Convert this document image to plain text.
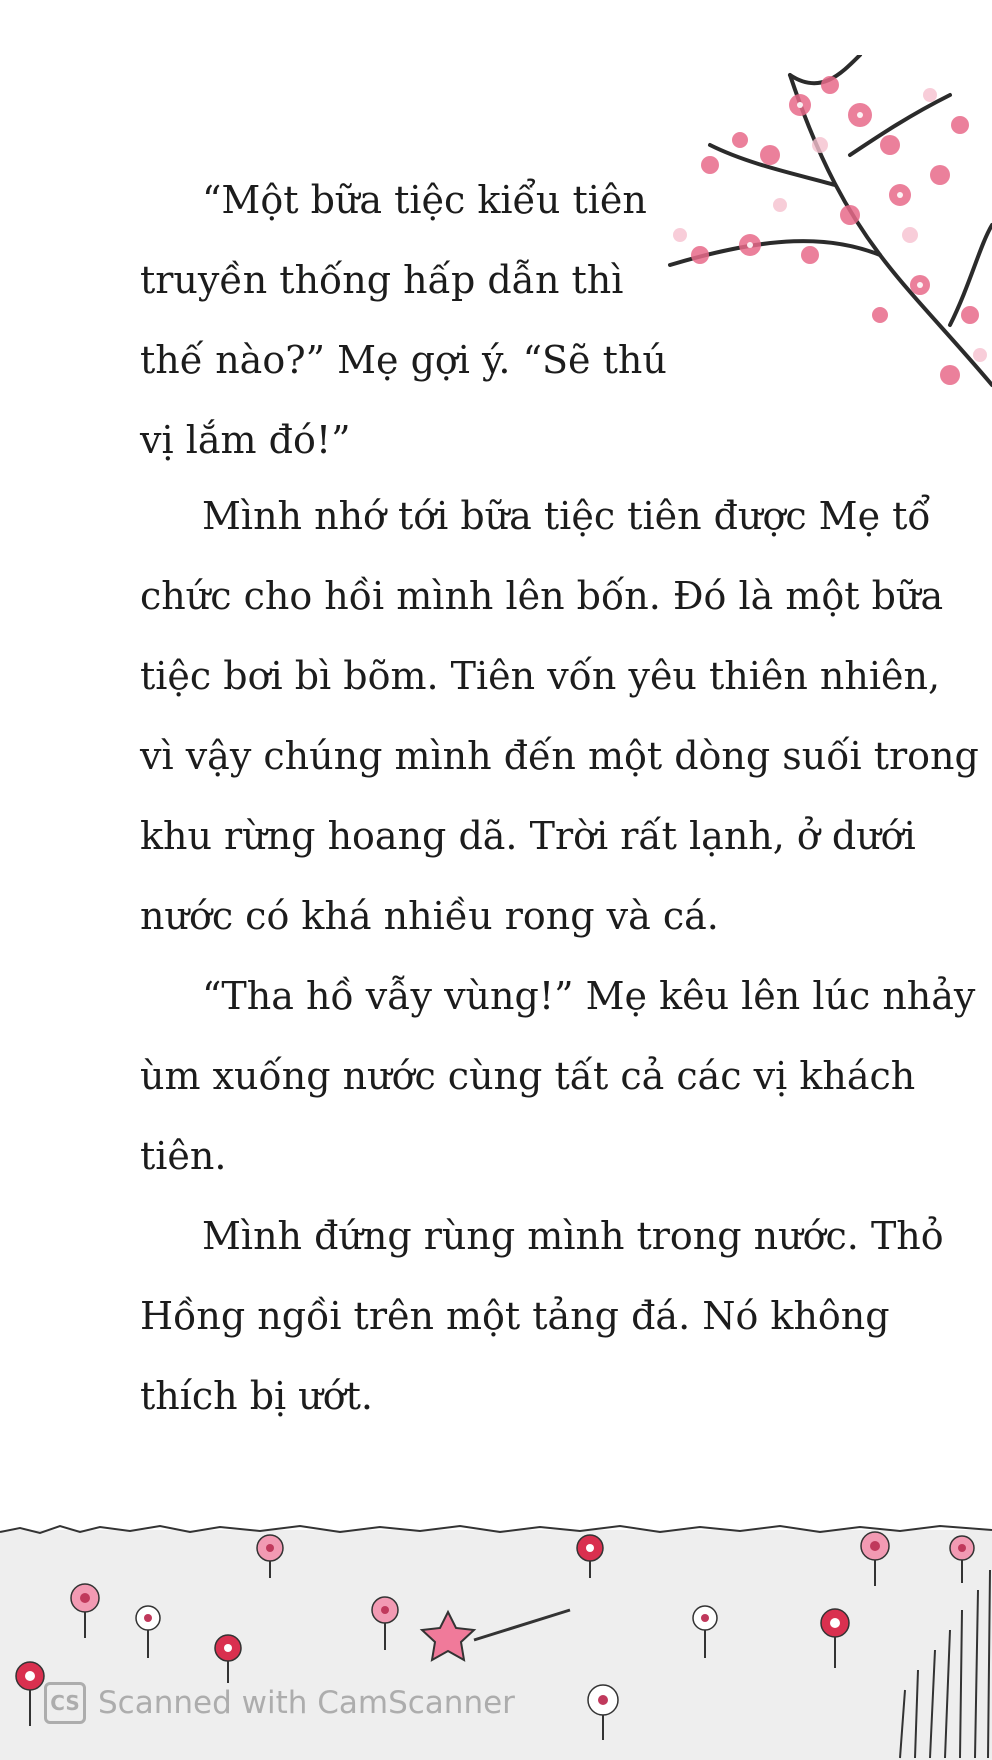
“Một bữa tiệc kiểu tiên
truyền thống hấp dẫn thì
thế nào?” Mẹ gợi ý. “Sẽ thú
vị lắm đó!”

Mình nhớ tới bữa tiệc tiên được Mẹ tổ
chức cho hồi mình lên bốn. Đó là một bữa
tiệc bơi bì bõm. Tiên vốn yêu thiên nhiên,
vì vậy chúng mình đến một dòng suối trong
khu rừng hoang dã. Trời rất lạnh, ở dưới
nước có khá nhiều rong và cá.

“Tha hồ vẫy vùng!” Mẹ kêu lên lúc nhảy
ùm xuống nước cùng tất cả các vị khách
tiên.

Mình đứng rùng mình trong nước. Thỏ
Hồng ngồi trên một tảng đá. Nó không
thích bị ướt.

CS Scanned with CamScanner
